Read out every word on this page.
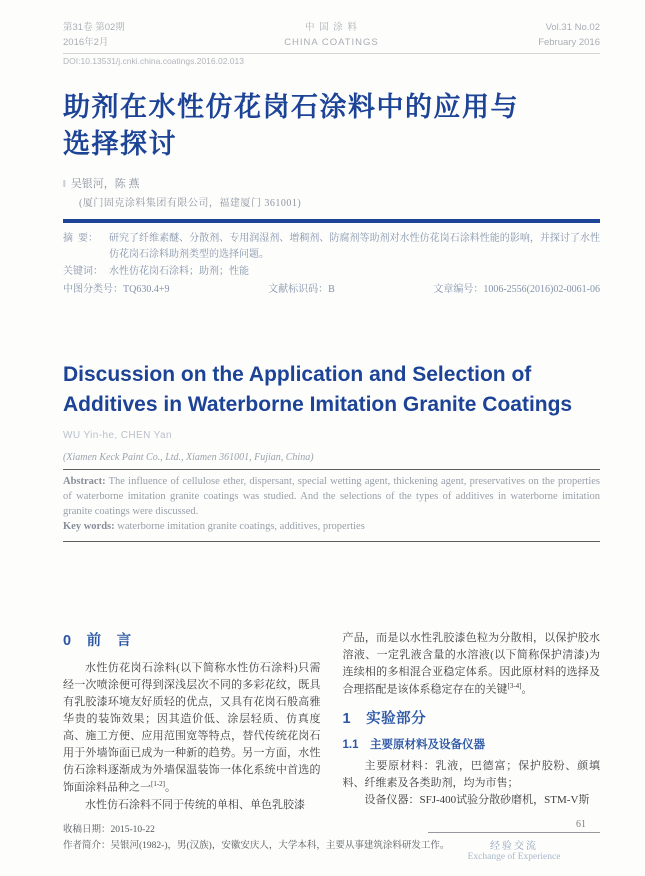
第31卷 第02期
2016年2月
中 国 涂 料
CHINA COATINGS
Vol.31 No.02
February 2016
DOI:10.13531/j.cnki.china.coatings.2016.02.013
助剂在水性仿花岗石涂料中的应用与
选择探讨
‖ 吴银河，陈 燕
(厦门固克涂料集团有限公司，福建厦门 361001)
摘  要：	研究了纤维素醚、分散剂、专用润湿剂、增稠剂、防腐剂等助剂对水性仿花岗石涂料性能的影响，并探讨了水性仿花岗石涂料助剂类型的选择问题。
关键词： 水性仿花岗石涂料；助剂；性能
中图分类号：TQ630.4+9	文献标识码：B	文章编号：1006-2556(2016)02-0061-06
Discussion on the Application and Selection of Additives in Waterborne Imitation Granite Coatings
WU Yin-he, CHEN Yan
(Xiamen Keck Paint Co., Ltd., Xiamen 361001, Fujian, China)
Abstract: The influence of cellulose ether, dispersant, special wetting agent, thickening agent, preservatives on the properties of waterborne imitation granite coatings was studied. And the selections of the types of additives in waterborne imitation granite coatings were discussed.
Key words: waterborne imitation granite coatings, additives, properties
0　前　言

水性仿花岗石涂料(以下简称水性仿石涂料)只需经一次喷涂便可得到深浅层次不同的多彩花纹，既具有乳胶漆环境友好质轻的优点，又具有花岗石般高雅华贵的装饰效果；因其造价低、涂层轻质、仿真度高、施工方便、应用范围宽等特点，替代传统花岗石用于外墙饰面已成为一种新的趋势。另一方面，水性仿石涂料逐渐成为外墙保温装饰一体化系统中首选的饰面涂料品种之一[1-2]。

水性仿石涂料不同于传统的单相、单色乳胶漆

产品，而是以水性乳胶漆色粒为分散相，以保护胶水溶液、一定乳液含量的水溶液(以下简称保护清漆)为连续相的多相混合亚稳定体系。因此原材料的选择及合理搭配是该体系稳定存在的关键[3-4]。

1　实验部分
1.1　主要原材料及设备仪器

主要原材料：乳液，巴德富；保护胶粉、颜填料、纤维素及各类助剂，均为市售；

设备仪器：SFJ-400试验分散砂磨机，STM-V斯

收稿日期：2015-10-22
作者简介：吴银河(1982-)，男(汉族)，安徽安庆人，大学本科，主要从事建筑涂料研发工作。
61
经验交流
Exchange of Experience
